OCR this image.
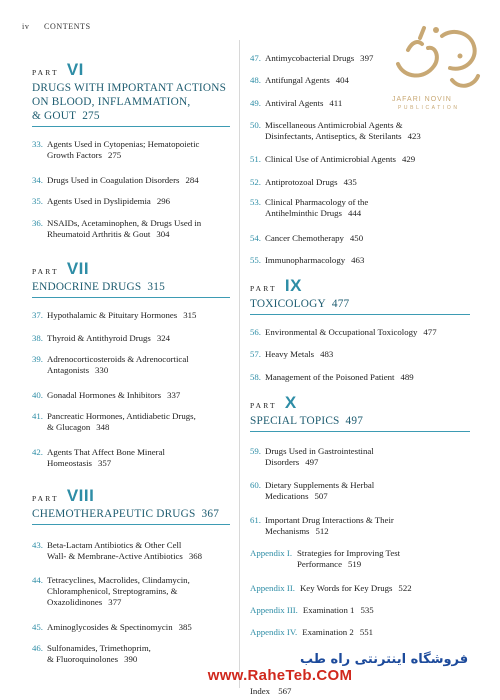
iv CONTENTS
PART VI
DRUGS WITH IMPORTANT ACTIONS
ON BLOOD, INFLAMMATION,
& GOUT 275
PART VII
ENDOCRINE DRUGS 315
PART VIII
CHEMOTHERAPEUTIC DRUGS 367
33. Agents Used in Cytopenias; Hematopoietic
Growth Factors 275
34. Drugs Used in Coagulation Disorders 284
35. Agents Used in Dyslipidemia 296
36. NSAIDs, Acetaminophen, & Drugs Used in
Rheumatoid Arthritis & Gout 304
37. Hypothalamic & Pituitary Hormones 315
38. Thyroid & Antithyroid Drugs 324
39. Adrenocorticosteroids & Adrenocortical
Antagonists 330
40. Gonadal Hormones & Inhibitors 337
41. Pancreatic Hormones, Antidiabetic Drugs,
& Glucagon 348
42. Agents That Affect Bone Mineral
Homeostasis 357
43. Beta-Lactam Antibiotics & Other Cell
Wall- & Membrane-Active Antibiotics 368
44. Tetracyclines, Macrolides, Clindamycin,
Chloramphenicol, Streptogramins, &
Oxazolidinones 377
45. Aminoglycosides & Spectinomycin 385
46. Sulfonamides, Trimethoprim,
& Fluoroquinolones 390
PART IX
TOXICOLOGY 477
PART X
SPECIAL TOPICS 497
47. Antimycobacterial Drugs 397
48. Antifungal Agents 404
49. Antiviral Agents 411
50. Miscellaneous Antimicrobial Agents &
Disinfectants, Antiseptics, & Sterilants 423
51. Clinical Use of Antimicrobial Agents 429
52. Antiprotozoal Drugs 435
53. Clinical Pharmacology of the
Antihelminthic Drugs 444
54. Cancer Chemotherapy 450
55. Immunopharmacology 463
56. Environmental & Occupational Toxicology 477
57. Heavy Metals 483
58. Management of the Poisoned Patient 489
59. Drugs Used in Gastrointestinal
Disorders 497
60. Dietary Supplements & Herbal
Medications 507
61. Important Drug Interactions & Their
Mechanisms 512
Appendix I. Strategies for Improving Test
Performance 519
Appendix II. Key Words for Key Drugs 522
Appendix III. Examination 1 535
Appendix IV. Examination 2 551
JAFARI NOVIN
PUBLICATION
فروشگاه اینترنتی راه طب
www.RaheTeb.COM
Index 567
